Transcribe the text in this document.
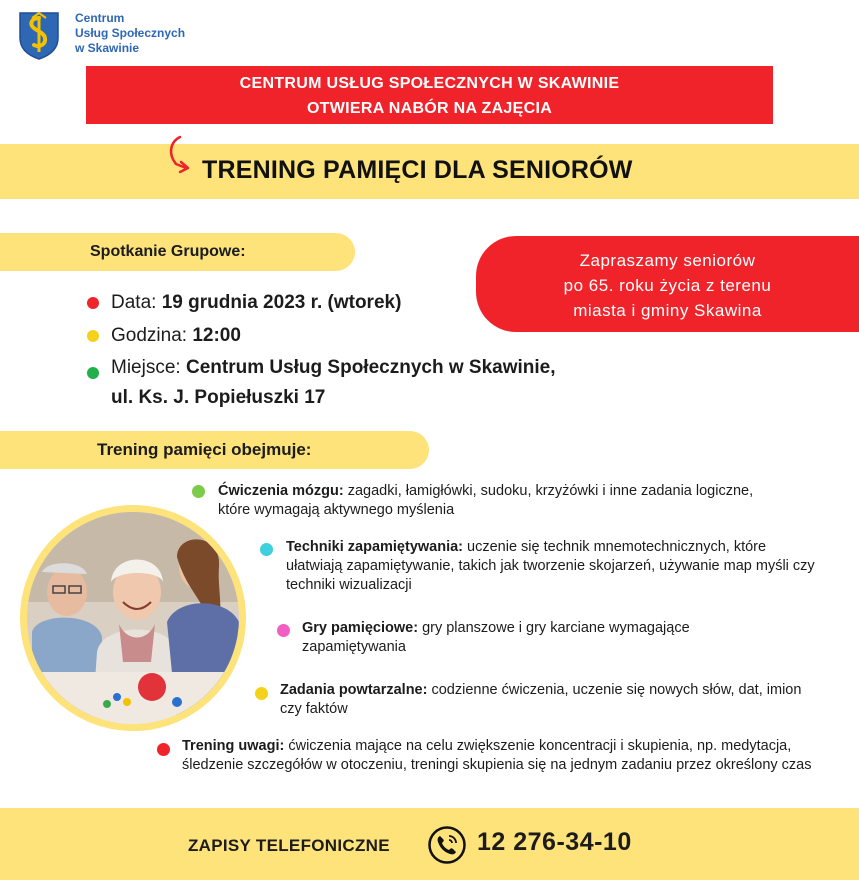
Centrum
Usług Społecznych
w Skawinie
CENTRUM USŁUG SPOŁECZNYCH W SKAWINIE
OTWIERA NABÓR NA ZAJĘCIA
TRENING PAMIĘCI DLA SENIORÓW
Spotkanie Grupowe:	Zapraszamy seniorów
po 65. roku życia z terenu
miasta i gminy Skawina
Data: 19 grudnia 2023 r. (wtorek)
Godzina: 12:00
Miejsce: Centrum Usług Społecznych w Skawinie,
ul. Ks. J. Popiełuszki 17
Trening pamięci obejmuje:
Ćwiczenia mózgu: zagadki, łamigłówki, sudoku, krzyżówki i inne zadania logiczne, które wymagają aktywnego myślenia
Techniki zapamiętywania: uczenie się technik mnemotechnicznych, które ułatwiają zapamiętywanie, takich jak tworzenie skojarzeń, używanie map myśli czy techniki wizualizacji
Gry pamięciowe: gry planszowe i gry karciane wymagające zapamiętywania
Zadania powtarzalne: codzienne ćwiczenia, uczenie się nowych słów, dat, imion czy faktów
Trening uwagi: ćwiczenia mające na celu zwiększenie koncentracji i skupienia, np. medytacja, śledzenie szczegółów w otoczeniu, treningi skupienia się na jednym zadaniu przez określony czas
ZAPISY TELEFONICZNE	12 276-34-10
